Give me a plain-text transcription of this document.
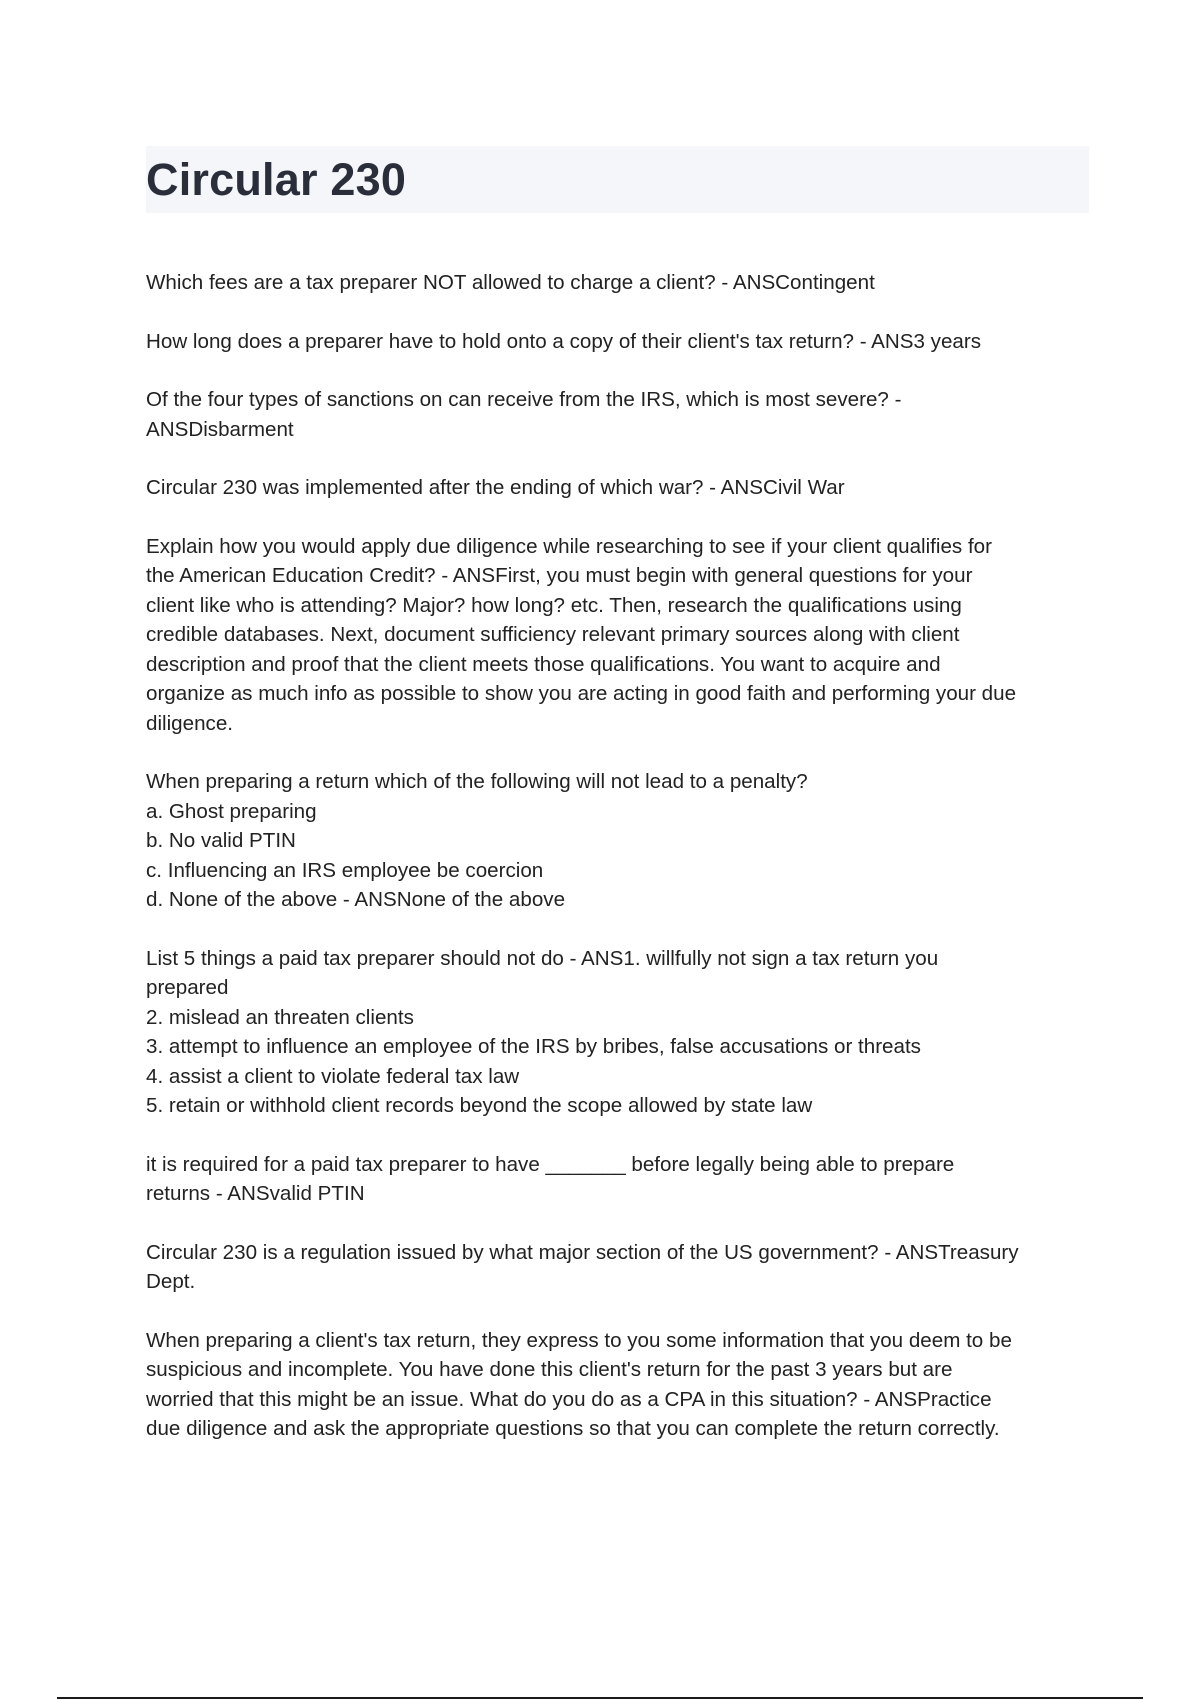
Circular 230
Which fees are a tax preparer NOT allowed to charge a client? - ANSContingent
How long does a preparer have to hold onto a copy of their client's tax return? - ANS3 years
Of the four types of sanctions on can receive from the IRS, which is most severe? -
ANSDisbarment
Circular 230 was implemented after the ending of which war? - ANSCivil War
Explain how you would apply due diligence while researching to see if your client qualifies for
the American Education Credit? - ANSFirst, you must begin with general questions for your
client like who is attending? Major? how long? etc. Then, research the qualifications using
credible databases. Next, document sufficiency relevant primary sources along with client
description and proof that the client meets those qualifications. You want to acquire and
organize as much info as possible to show you are acting in good faith and performing your due
diligence.
When preparing a return which of the following will not lead to a penalty?
a. Ghost preparing
b. No valid PTIN
c. Influencing an IRS employee be coercion
d. None of the above - ANSNone of the above
List 5 things a paid tax preparer should not do - ANS1. willfully not sign a tax return you
prepared
2. mislead an threaten clients
3. attempt to influence an employee of the IRS by bribes, false accusations or threats
4. assist a client to violate federal tax law
5. retain or withhold client records beyond the scope allowed by state law
it is required for a paid tax preparer to have _______ before legally being able to prepare
returns - ANSvalid PTIN
Circular 230 is a regulation issued by what major section of the US government? - ANSTreasury
Dept.
When preparing a client's tax return, they express to you some information that you deem to be
suspicious and incomplete. You have done this client's return for the past 3 years but are
worried that this might be an issue. What do you do as a CPA in this situation? - ANSPractice
due diligence and ask the appropriate questions so that you can complete the return correctly.
